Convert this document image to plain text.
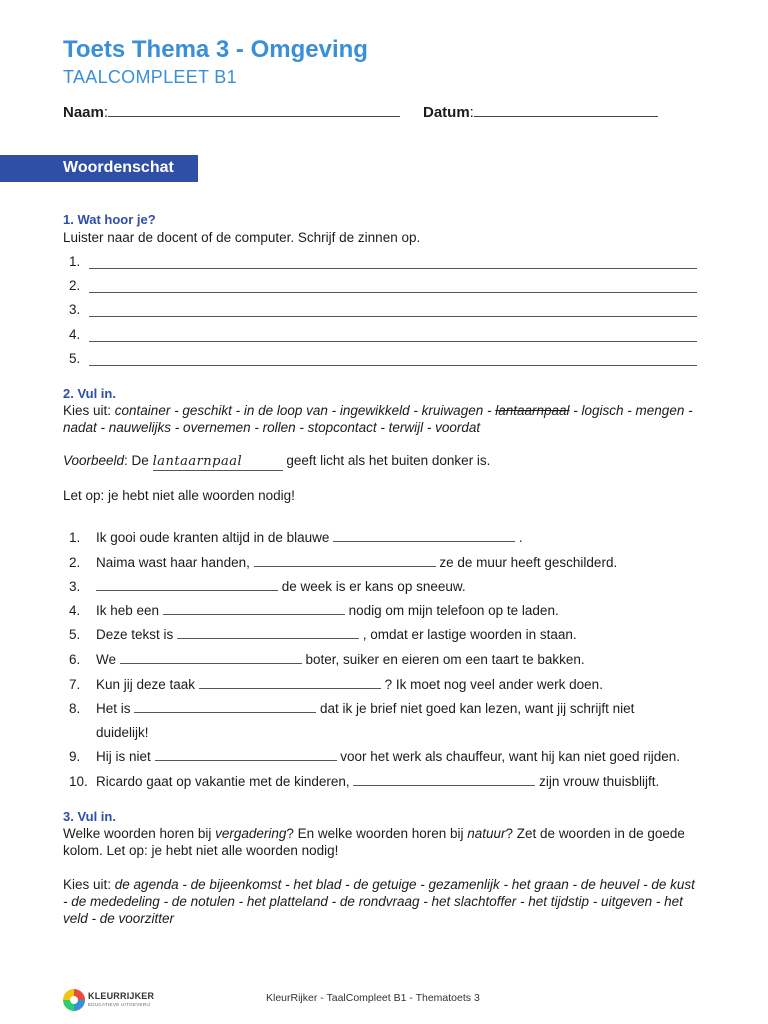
Toets Thema 3 - Omgeving
TAALCOMPLEET B1
Naam:	Datum:
Woordenschat
1. Wat hoor je?
Luister naar de docent of de computer. Schrijf de zinnen op.
1.
2.
3.
4.
5.
2. Vul in.
Kies uit: container - geschikt - in de loop van - ingewikkeld - kruiwagen - lantaarnpaal - logisch - mengen -
nadat - nauwelijks - overnemen - rollen - stopcontact - terwijl - voordat
Voorbeeld: De lantaarnpaal	geeft licht als het buiten donker is.
Let op: je hebt niet alle woorden nodig!
1. Ik gooi oude kranten altijd in de blauwe	.
2. Naima wast haar handen,	ze de muur heeft geschilderd.
3.	de week is er kans op sneeuw.
4. Ik heb een	nodig om mijn telefoon op te laden.
5. Deze tekst is	, omdat er lastige woorden in staan.
6. We	boter, suiker en eieren om een taart te bakken.
7. Kun jij deze taak	? Ik moet nog veel ander werk doen.
8. Het is	dat ik je brief niet goed kan lezen, want jij schrijft niet
duidelijk!
9. Hij is niet	voor het werk als chauffeur, want hij kan niet goed rijden.
10. Ricardo gaat op vakantie met de kinderen,	zijn vrouw thuisblijft.
3. Vul in.
Welke woorden horen bij vergadering? En welke woorden horen bij natuur? Zet de woorden in de goede
kolom. Let op: je hebt niet alle woorden nodig!
Kies uit: de agenda - de bijeenkomst - het blad - de getuige - gezamenlijk - het graan - de heuvel - de kust
- de mededeling - de notulen - het platteland - de rondvraag - het slachtoffer - het tijdstip - uitgeven - het
veld - de voorzitter
KLEURRIJKER
EDUCATIEVE UITGEVERIJ
KleurRijker - TaalCompleet B1 - Thematoets 3
